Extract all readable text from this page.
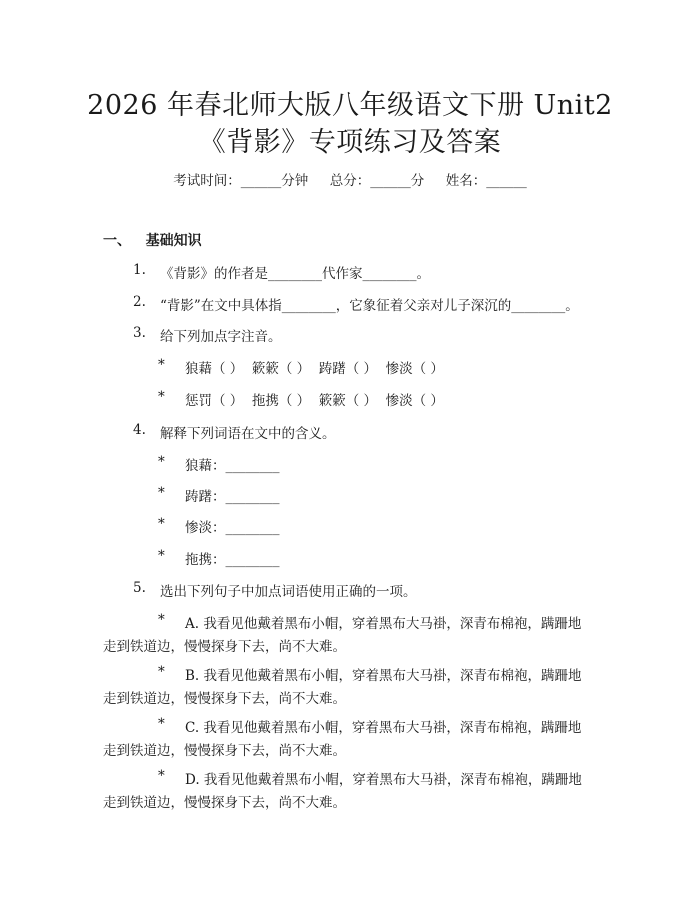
2026 年春北师大版八年级语文下册 Unit2
《背影》专项练习及答案
考试时间：______分钟     总分：______分     姓名：______
一、   基础知识
1. 《背影》的作者是________代作家________。
2. “背影”在文中具体指________，它象征着父亲对儿子深沉的________。
3. 给下列加点字注音。
* 狼藉（ ）  簌簌（ ）  踌躇（ ）  惨淡（ ）
* 惩罚（ ）  拖携（ ）  簌簌（ ）  惨淡（ ）
4. 解释下列词语在文中的含义。
* 狼藉：________
* 踌躇：________
* 惨淡：________
* 拖携：________
5. 选出下列句子中加点词语使用正确的一项。
* A. 我看见他戴着黑布小帽，穿着黑布大马褂，深青布棉袍，蹒跚地
走到铁道边，慢慢探身下去，尚不大难。
* B. 我看见他戴着黑布小帽，穿着黑布大马褂，深青布棉袍，蹒跚地
走到铁道边，慢慢探身下去，尚不大难。
* C. 我看见他戴着黑布小帽，穿着黑布大马褂，深青布棉袍，蹒跚地
走到铁道边，慢慢探身下去，尚不大难。
* D. 我看见他戴着黑布小帽，穿着黑布大马褂，深青布棉袍，蹒跚地
走到铁道边，慢慢探身下去，尚不大难。
